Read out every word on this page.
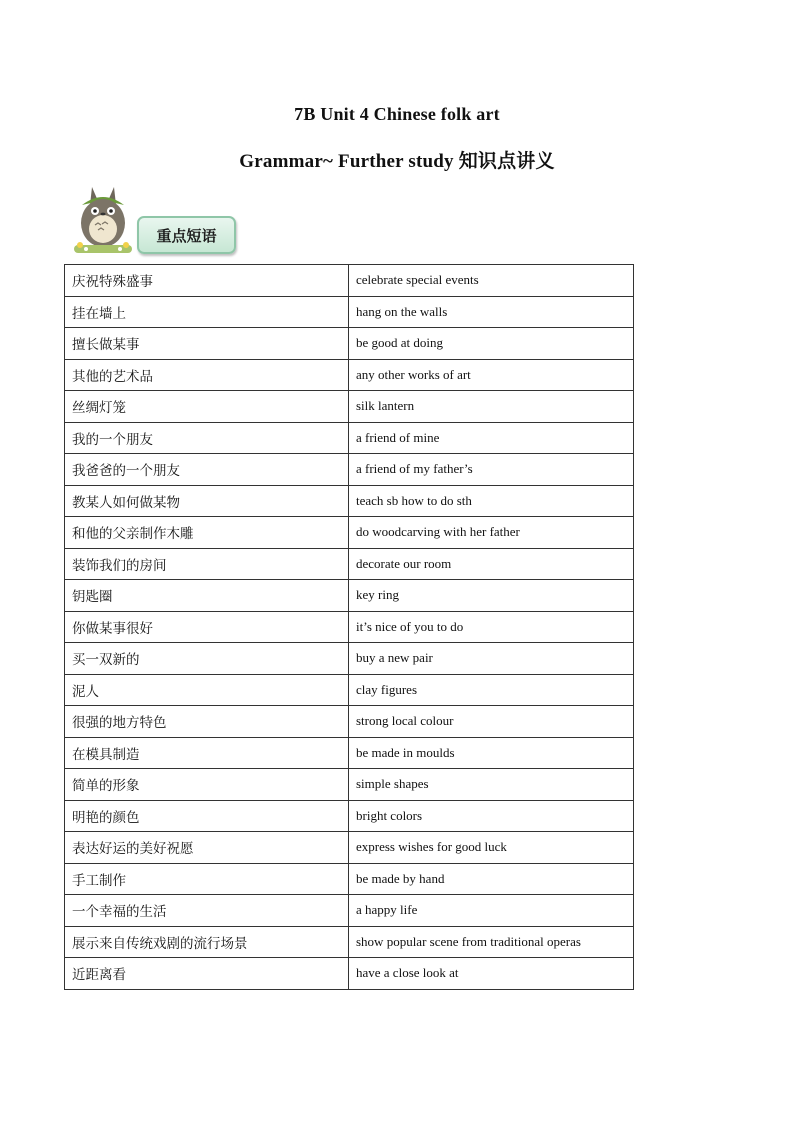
7B Unit 4 Chinese folk art
Grammar~ Further study 知识点讲义
重点短语
庆祝特殊盛事	celebrate special events
挂在墙上	hang on the walls
擅长做某事	be good at doing
其他的艺术品	any other works of art
丝绸灯笼	silk lantern
我的一个朋友	a friend of mine
我爸爸的一个朋友	a friend of my father’s
教某人如何做某物	teach sb how to do sth
和他的父亲制作木雕	do woodcarving with her father
装饰我们的房间	decorate our room
钥匙圈	key ring
你做某事很好	it’s nice of you to do
买一双新的	buy a new pair
泥人	clay figures
很强的地方特色	strong local colour
在模具制造	be made in moulds
简单的形象	simple shapes
明艳的颜色	bright colors
表达好运的美好祝愿	express wishes for good luck
手工制作	be made by hand
一个幸福的生活	a happy life
展示来自传统戏剧的流行场景	show popular scene from traditional operas
近距离看	have a close look at
